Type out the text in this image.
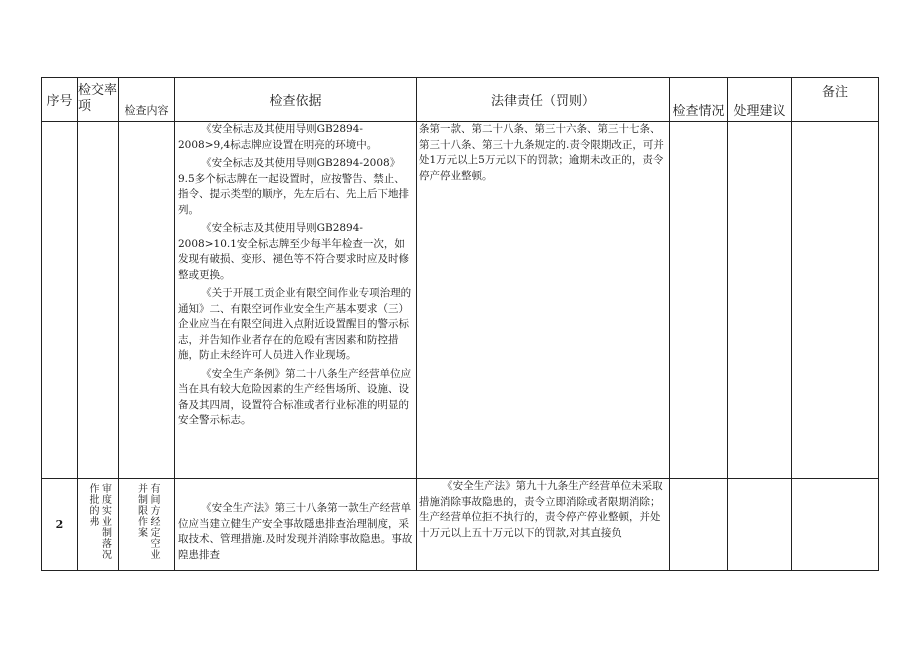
序号	检交率项	检查内容	检查依据	法律责任（罚则）	检查情况	处理建议	备注

			《安全标志及其使用导则GB2894-2008>9,4标志牌应设置在明亮的环境中。

《安全标志及其使用导则GB2894-2008》9.5多个标志牌在一起设置时，应按警告、禁止、指令、提示类型的顺序，先左后右、先上后下地排列。

《安全标志及其使用导则GB2894-2008>10.1安全标志牌至少每半年检查一次，如发现有破损、变形、褪色等不符合要求时应及时修整或更换。

《关于开展工贡企业有限空间作业专项治理的通知》二、有限空诃作业安全生产基本要求（三）企业应当在有限空间进入点附近设置醒目的警示标志，并告知作业者存在的危殴有害因素和防控措施，防止未经许可人员进入作业现场。

《安全生产条例》第二十八条生产经营单位应当在具有较大危险因素的生产经售场所、设施、设备及其四周，设置符合标准或者行业标准的明显的安全警示标志。	条第一款、第二十八条、第三十六条、第三十七条、第三十八条、第三十九条规定的.责令限期改正，可并处1万元以上5万元以下的罚款；逾期未改正的，责令停产停业整顿。			

2	审度实业制落况作批的弗	有间方经定空业并制限作案	《安全生产法》第三十八条第一款生产经营单位应当建立健生产安全事故隱患排查治理制度，采取技术、管理措施.及时发现并消除事故隐患。事故隍患排查	《安全生产法》第九十九条生产经营单位未采取措施消除事故隐患的，责令立即消除或者限期消除；生产经营单位拒不执行的，责令停产停业整顿，并处十万元以上五十万元以下的罚款,对其直接负			
